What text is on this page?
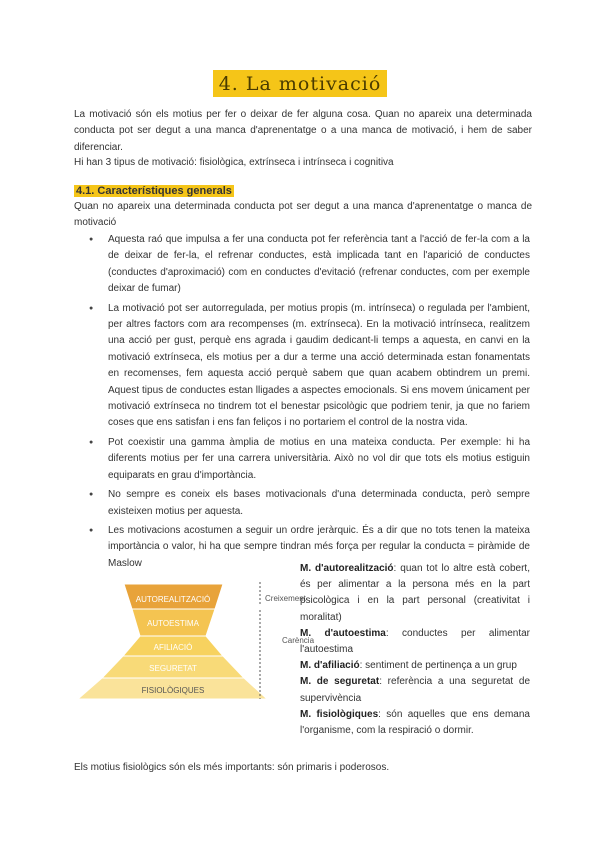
4. La motivació

La motivació són els motius per fer o deixar de fer alguna cosa. Quan no apareix una determinada conducta pot ser degut a una manca d'aprenentatge o a una manca de motivació, i hem de saber diferenciar.

Hi han 3 tipus de motivació: fisiològica, extrínseca i intrínseca i cognitiva

4.1. Característiques generals

Quan no apareix una determinada conducta pot ser degut a una manca d'aprenentatge o manca de motivació

● Aquesta raó que impulsa a fer una conducta pot fer referència tant a l'acció de fer-la com a la de deixar de fer-la, el refrenar conductes, està implicada tant en l'aparició de conductes (conductes d'aproximació) com en conductes d'evitació (refrenar conductes, com per exemple deixar de fumar)
● La motivació pot ser autorregulada, per motius propis (m. intrínseca) o regulada per l'ambient, per altres factors com ara recompenses (m. extrínseca). En la motivació intrínseca, realitzem una acció per gust, perquè ens agrada i gaudim dedicant-li temps a aquesta, en canvi en la motivació extrínseca, els motius per a dur a terme una acció determinada estan fonamentats en recomenses, fem aquesta acció perquè sabem que quan acabem obtindrem un premi. Aquest tipus de conductes estan lligades a aspectes emocionals. Si ens movem únicament per motivació extrínseca no tindrem tot el benestar psicològic que podriem tenir, ja que no fariem coses que ens satisfan i ens fan feliços i no portariem el control de la nostra vida.
● Pot coexistir una gamma àmplia de motius en una mateixa conducta. Per exemple: hi ha diferents motius per fer una carrera universitària. Això no vol dir que tots els motius estiguin equiparats en grau d'importància.
● No sempre es coneix els bases motivacionals d'una determinada conducta, però sempre existeixen motius per aquesta.
● Les motivacions acostumen a seguir un ordre jeràrquic. És a dir que no tots tenen la mateixa importància o valor, hi ha que sempre tindran més força per regular la conducta = piràmide de Maslow
AUTOREALITZACIÓ
AUTOESTIMA
AFILIACIÓ
SEGURETAT
FISIOLÒGIQUES
Creixement
Carència

M. d'autorealització: quan tot lo altre està cobert, és per alimentar a la persona més en la part psicològica i en la part personal (creativitat i moralitat)

M. d'autoestima: conductes per alimentar l'autoestima

M. d'afiliació: sentiment de pertinença a un grup

M. de seguretat: referència a una seguretat de supervivència

M. fisiològiques: són aquelles que ens demana l'organisme, com la respiració o dormir.

Els motius fisiològics són els més importants: són primaris i poderosos.
